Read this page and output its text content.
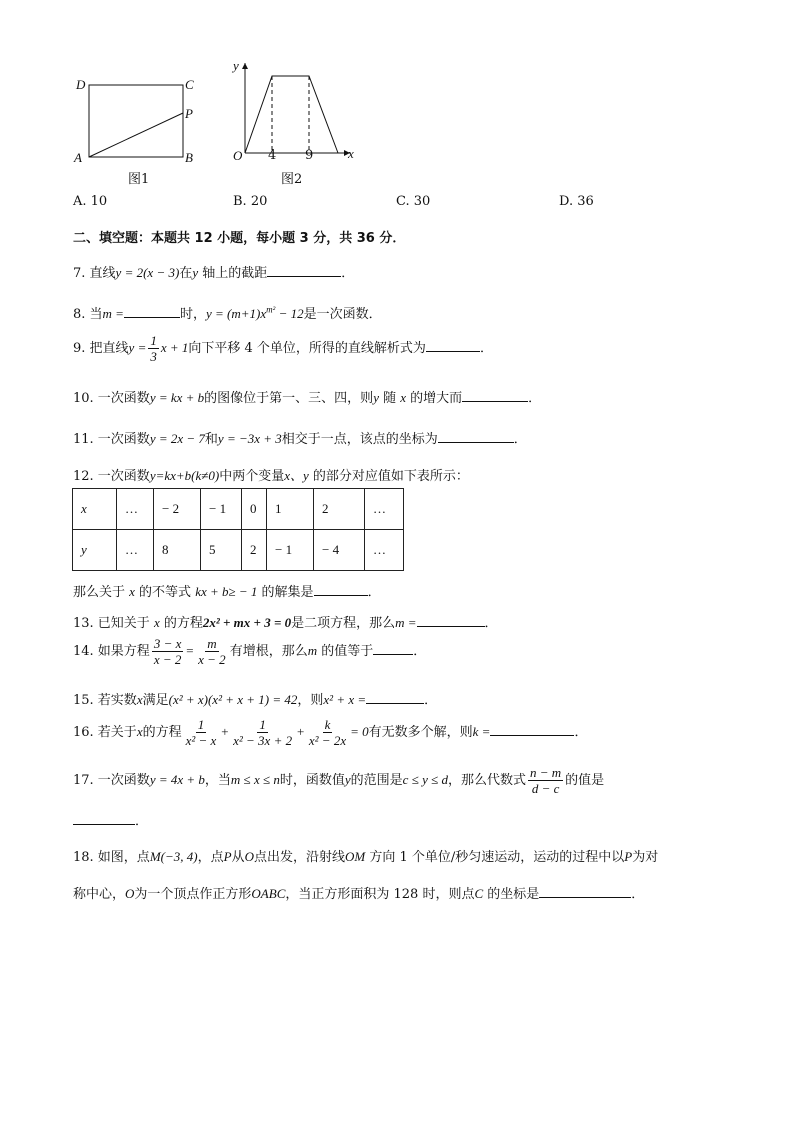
D	C
P
A	B
图1
y
x
O 4 9
图2
A. 10	B. 20	C. 30	D. 36
二、填空题：本题共 12 小题，每小题 3 分，共 36 分．
7. 直线y = 2(x − 3)在y 轴上的截距	．
8. 当m =	时，$y = (m+1)x^{m^2} - 12$是一次函数．
9. 把直线$y = \frac{1}{3}$ x + 1向下平移 4 个单位，所得的直线解析式为	．
10. 一次函数y = kx + b的图像位于第一、三、四，则y 随 x 的增大而	．
11. 一次函数y = 2x − 7和y = −3x + 3相交于一点，该点的坐标为	．
12. 一次函数y=kx+b(k≠0)中两个变量x、y 的部分对应值如下表所示：
x	…	− 2	− 1	0	1	2	…
y	…	8	5	2	− 1	− 4	…
那么关于 x 的不等式 kx + b≥ − 1 的解集是	．
13. 已知关于 x 的方程2x² + mx + 3 = 0是二项方程，那么m =	．
14. 如果方程 $\frac{3 - x}{x - 2} = \frac{m}{x - 2}$ 有增根，那么m 的值等于	．
15. 若实数x满足(x² + x)(x² + x + 1) = 42，则x² + x =	．
16. 若关于x的方程 $\frac{1}{\text{x² − x}} + \frac{1}{\text{x² − 3x + 2}} + \frac{k}{\text{x² − 2x}} = 0$有无数多个解，则k =	．
17. 一次函数y = 4x + b，当m ≤ x ≤ n时，函数值y的范围是c ≤ y ≤ d，那么代数式 $\frac{n - m}{d - c}$ 的值是
．
18. 如图，点M(−3, 4)，点P从O点出发，沿射线OM 方向 1 个单位/秒匀速运动，运动的过程中以P为对
称中心，O为一个顶点作正方形OABC，当正方形面积为 128 时，则点C 的坐标是	．
